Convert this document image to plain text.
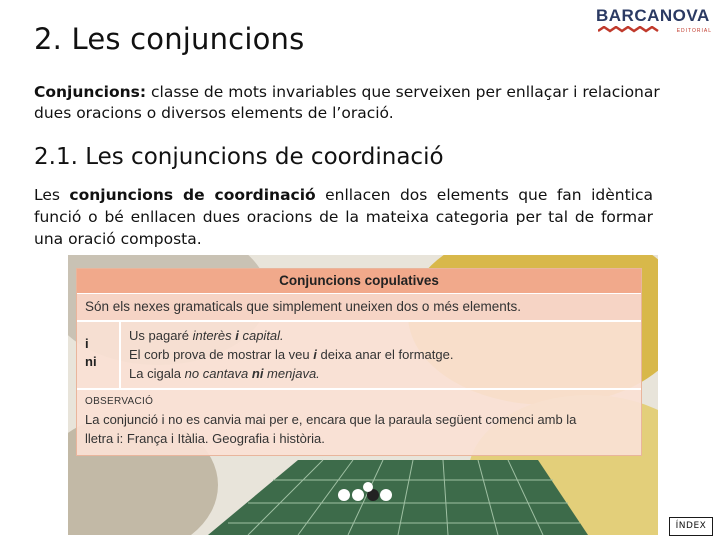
2. Les conjuncions
BARCANOVA
EDITORIAL
Conjuncions: classe de mots invariables que serveixen per enllaçar i relacionar dues oracions o diversos elements de l’oració.
2.1. Les conjuncions de coordinació
Les conjuncions de coordinació enllacen dos elements que fan idèntica funció o bé enllacen dues oracions de la mateixa categoria per tal de formar una oració composta.
Conjuncions copulatives
Són els nexes gramaticals que simplement uneixen dos o més elements.
i
ni
Us pagaré interès i capital.
El corb prova de mostrar la veu i deixa anar el formatge.
La cigala no cantava ni menjava.
OBSERVACIÓ
La conjunció i no es canvia mai per e, encara que la paraula següent comenci amb la
lletra i: França i Itàlia. Geografia i història.
ÍNDEX
